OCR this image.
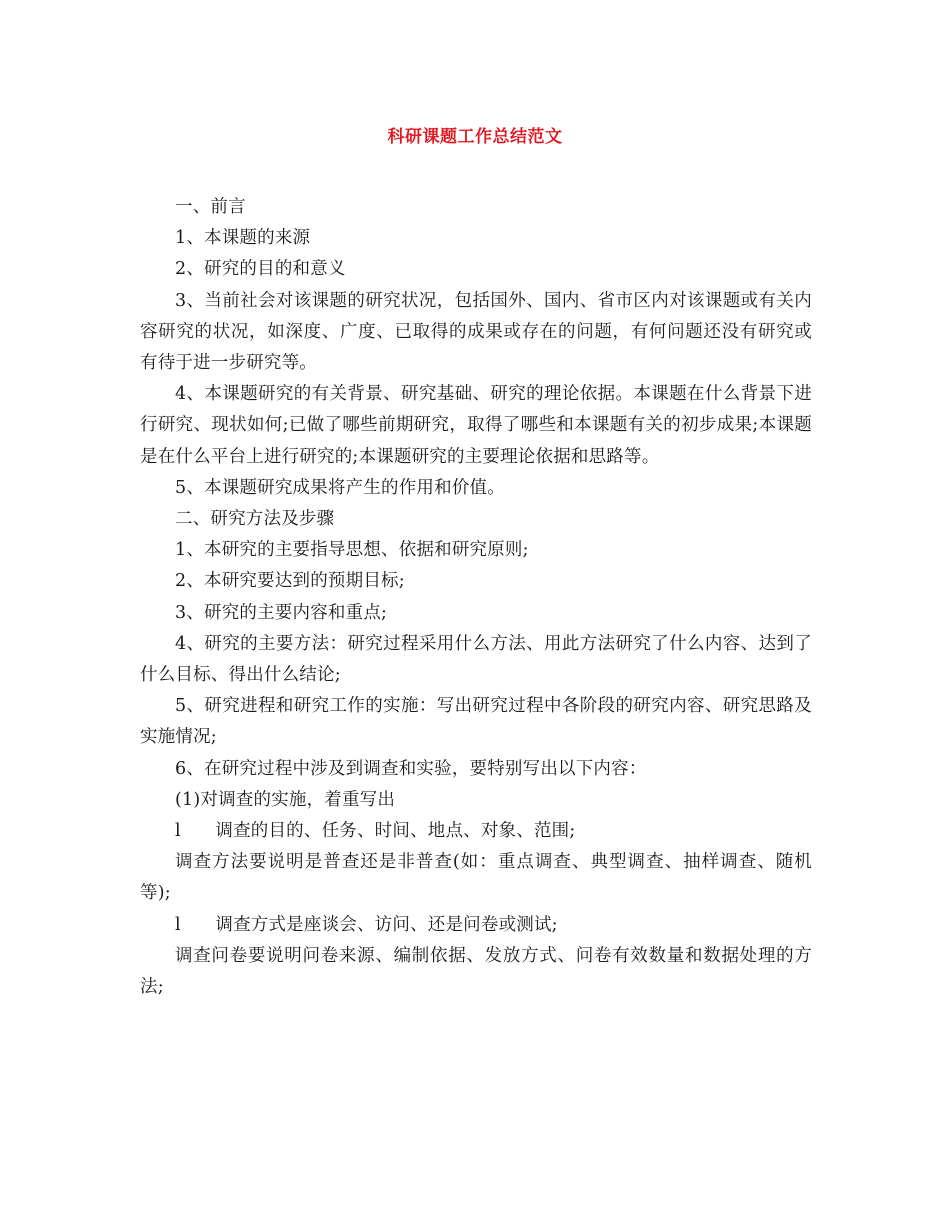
科研课题工作总结范文

一、前言

1、本课题的来源

2、研究的目的和意义

3、当前社会对该课题的研究状况，包括国外、国内、省市区内对该课题或有关内容研究的状况，如深度、广度、已取得的成果或存在的问题，有何问题还没有研究或有待于进一步研究等。

4、本课题研究的有关背景、研究基础、研究的理论依据。本课题在什么背景下进行研究、现状如何;已做了哪些前期研究，取得了哪些和本课题有关的初步成果;本课题是在什么平台上进行研究的;本课题研究的主要理论依据和思路等。

5、本课题研究成果将产生的作用和价值。

二、研究方法及步骤

1、本研究的主要指导思想、依据和研究原则;

2、本研究要达到的预期目标;

3、研究的主要内容和重点;

4、研究的主要方法：研究过程采用什么方法、用此方法研究了什么内容、达到了什么目标、得出什么结论;

5、研究进程和研究工作的实施：写出研究过程中各阶段的研究内容、研究思路及实施情况;

6、在研究过程中涉及到调查和实验，要特别写出以下内容：

(1)对调查的实施，着重写出

l      调查的目的、任务、时间、地点、对象、范围;

调查方法要说明是普查还是非普查(如：重点调查、典型调查、抽样调查、随机等);

l      调查方式是座谈会、访问、还是问卷或测试;

调查问卷要说明问卷来源、编制依据、发放方式、问卷有效数量和数据处理的方法;
